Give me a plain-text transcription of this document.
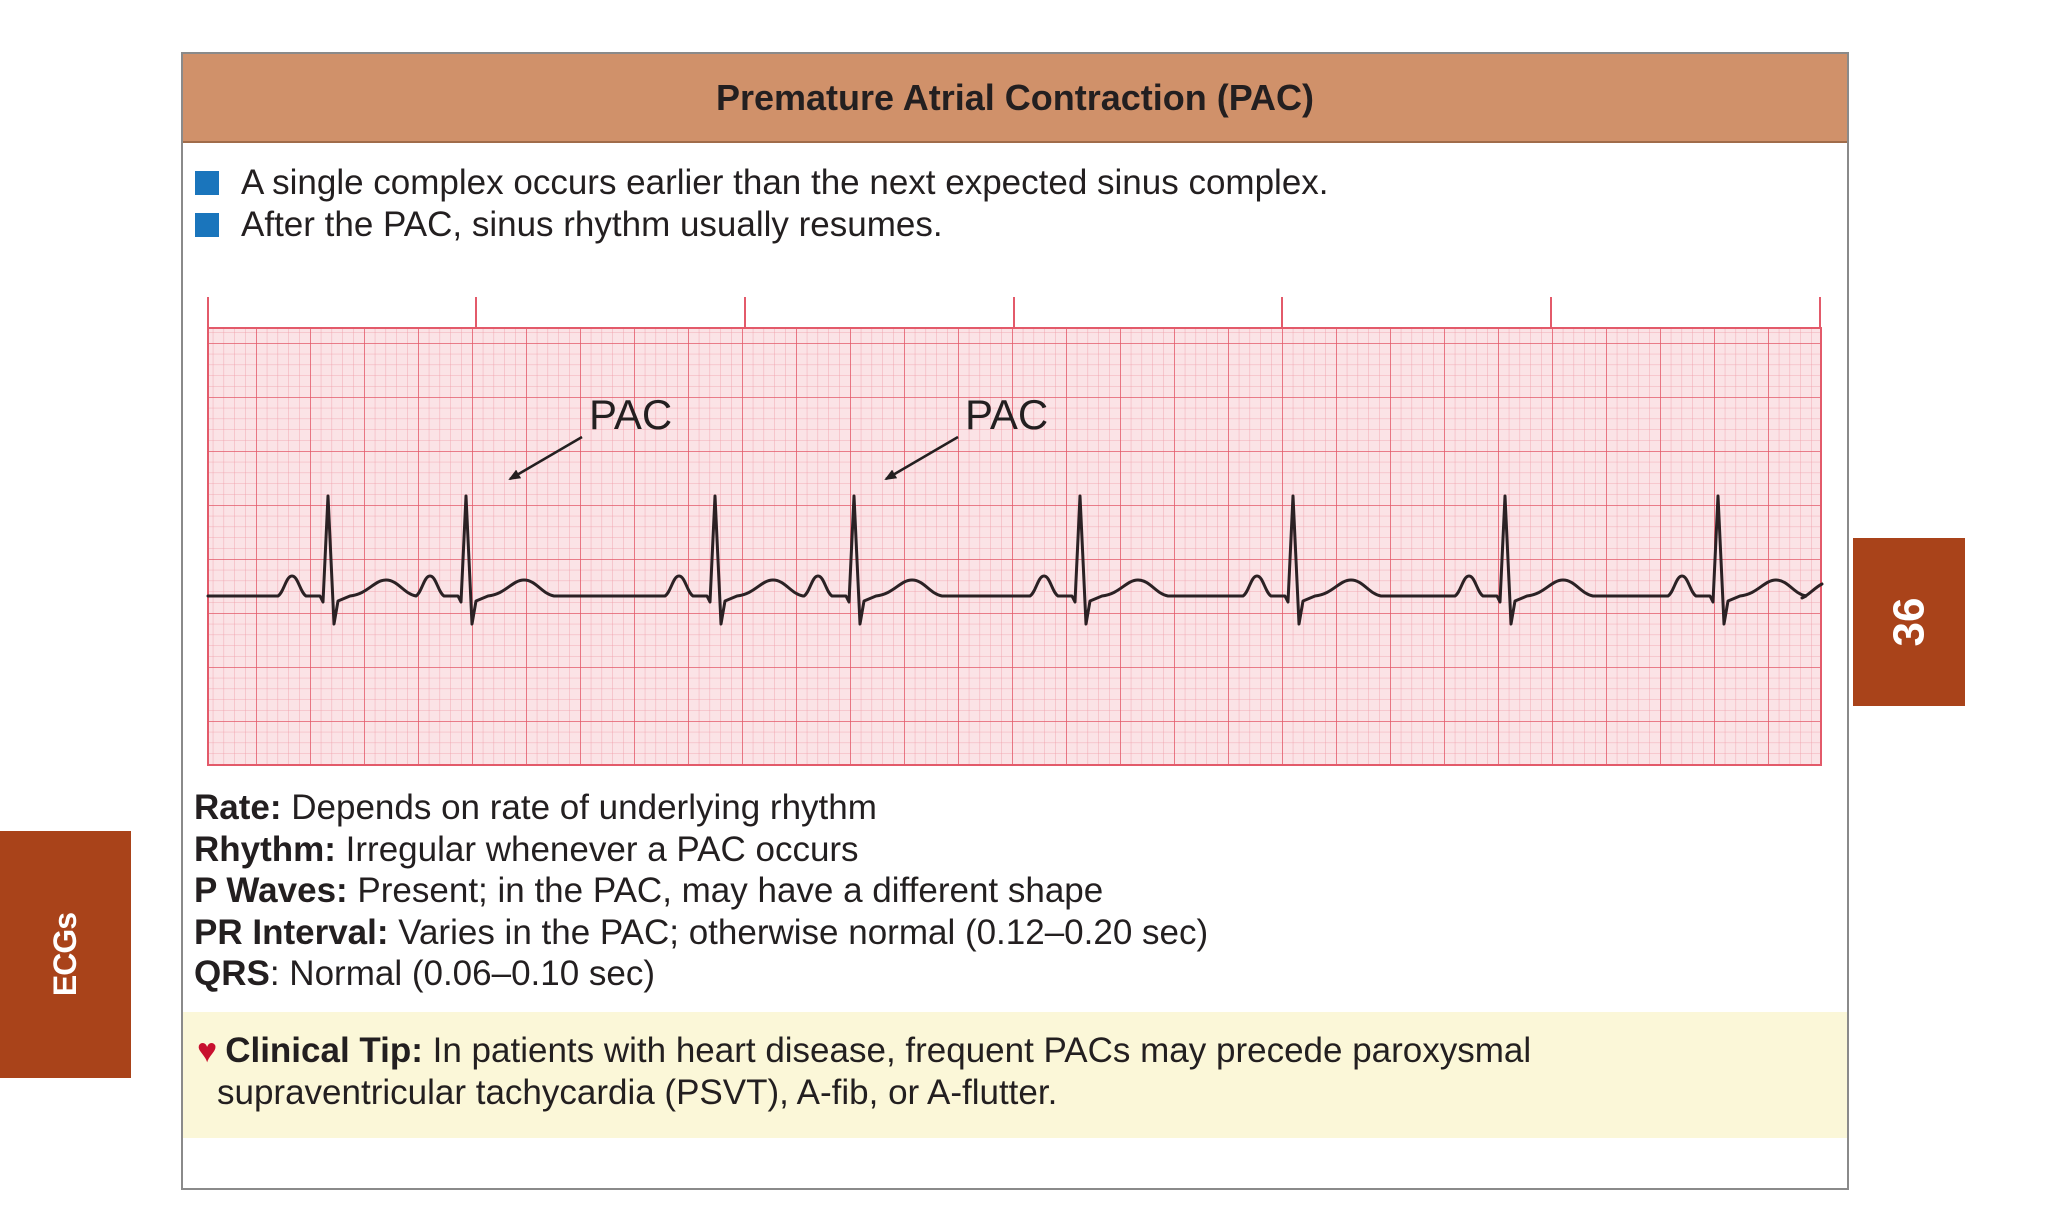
Premature Atrial Contraction (PAC)
A single complex occurs earlier than the next expected sinus complex.
After the PAC, sinus rhythm usually resumes.
PAC	PAC
Rate: Depends on rate of underlying rhythm
Rhythm: Irregular whenever a PAC occurs
P Waves: Present; in the PAC, may have a different shape
PR Interval: Varies in the PAC; otherwise normal (0.12–0.20 sec)
QRS: Normal (0.06–0.10 sec)
♥ Clinical Tip: In patients with heart disease, frequent PACs may precede paroxysmal
supraventricular tachycardia (PSVT), A-fib, or A-flutter.
36
ECGs
